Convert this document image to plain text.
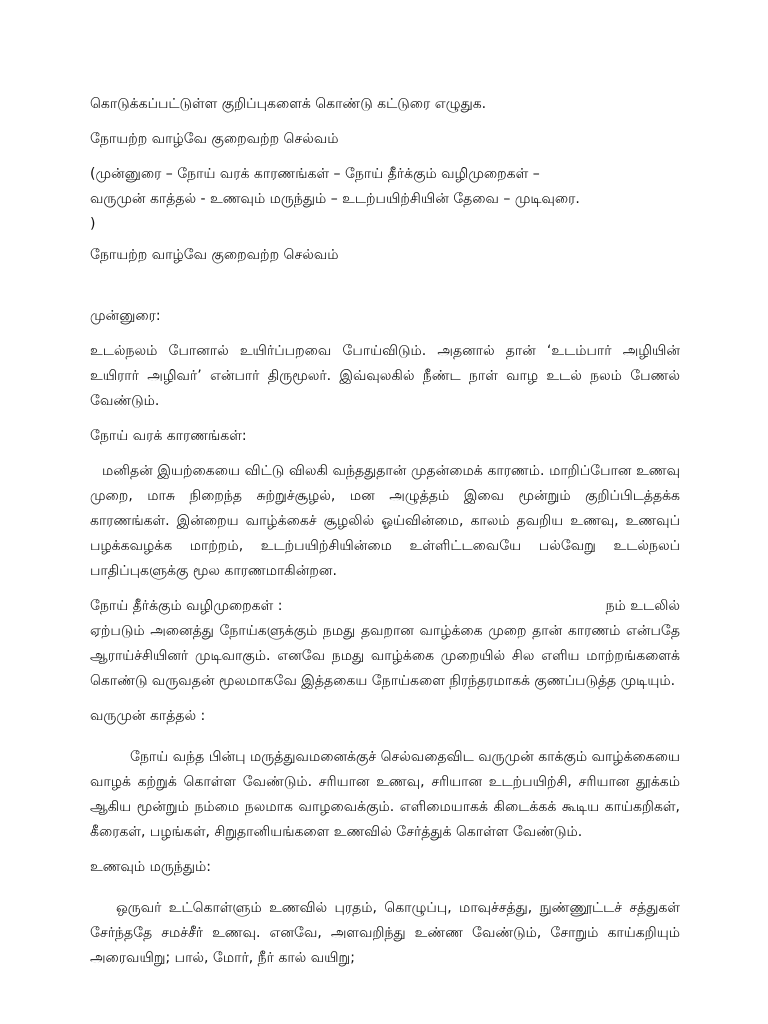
கொடுக்கப்பட்டுள்ள குறிப்புகளைக் கொண்டு கட்டுரை எழுதுக.
நோயற்ற வாழ்வே குறைவற்ற செல்வம்
(முன்னுரை – நோய் வரக் காரணங்கள் – நோய் தீர்க்கும் வழிமுறைகள் –
வருமுன் காத்தல் - உணவும் மருந்தும் – உடற்பயிற்சியின் தேவை – முடிவுரை.
)
நோயற்ற வாழ்வே குறைவற்ற செல்வம்
முன்னுரை:

உடல்நலம் போனால் உயிர்ப்பறவை போய்விடும். அதனால் தான் ‘உடம்பார் அழியின் உயிரார் அழிவர்’ என்பார் திருமூலர். இவ்வுலகில் நீண்ட நாள் வாழ உடல் நலம் பேணல் வேண்டும்.

நோய் வரக் காரணங்கள்:

மனிதன் இயற்கையை விட்டு விலகி வந்ததுதான் முதன்மைக் காரணம். மாறிப்போன உணவு முறை, மாசு நிறைந்த சுற்றுச்சூழல், மன அழுத்தம் இவை மூன்றும் குறிப்பிடத்தக்க காரணங்கள். இன்றைய வாழ்க்கைச் சூழலில் ஓய்வின்மை, காலம் தவறிய உணவு, உணவுப் பழக்கவழக்க மாற்றம், உடற்பயிற்சியின்மை உள்ளிட்டவையே பல்வேறு உடல்நலப் பாதிப்புகளுக்கு மூல காரணமாகின்றன.

நோய் தீர்க்கும் வழிமுறைகள் :	நம் உடலில்

ஏற்படும் அனைத்து நோய்களுக்கும் நமது தவறான வாழ்க்கை முறை தான் காரணம் என்பதே ஆராய்ச்சியினர் முடிவாகும். எனவே நமது வாழ்க்கை முறையில் சில எளிய மாற்றங்களைக் கொண்டு வருவதன் மூலமாகவே இத்தகைய நோய்களை நிரந்தரமாகக் குணப்படுத்த முடியும்.

வருமுன் காத்தல் :

நோய் வந்த பின்பு மருத்துவமனைக்குச் செல்வதைவிட வருமுன் காக்கும் வாழ்க்கையை வாழக் கற்றுக் கொள்ள வேண்டும். சரியான உணவு, சரியான உடற்பயிற்சி, சரியான தூக்கம் ஆகிய மூன்றும் நம்மை நலமாக வாழவைக்கும். எளிமையாகக் கிடைக்கக் கூடிய காய்கறிகள், கீரைகள், பழங்கள், சிறுதானியங்களை உணவில் சேர்த்துக் கொள்ள வேண்டும்.

உணவும் மருந்தும்:

ஒருவர் உட்கொள்ளும் உணவில் புரதம், கொழுப்பு, மாவுச்சத்து, நுண்ணூட்டச் சத்துகள் சேர்ந்ததே சமச்சீர் உணவு. எனவே, அளவறிந்து உண்ண வேண்டும், சோறும் காய்கறியும் அரைவயிறு; பால், மோர், நீர் கால் வயிறு;
